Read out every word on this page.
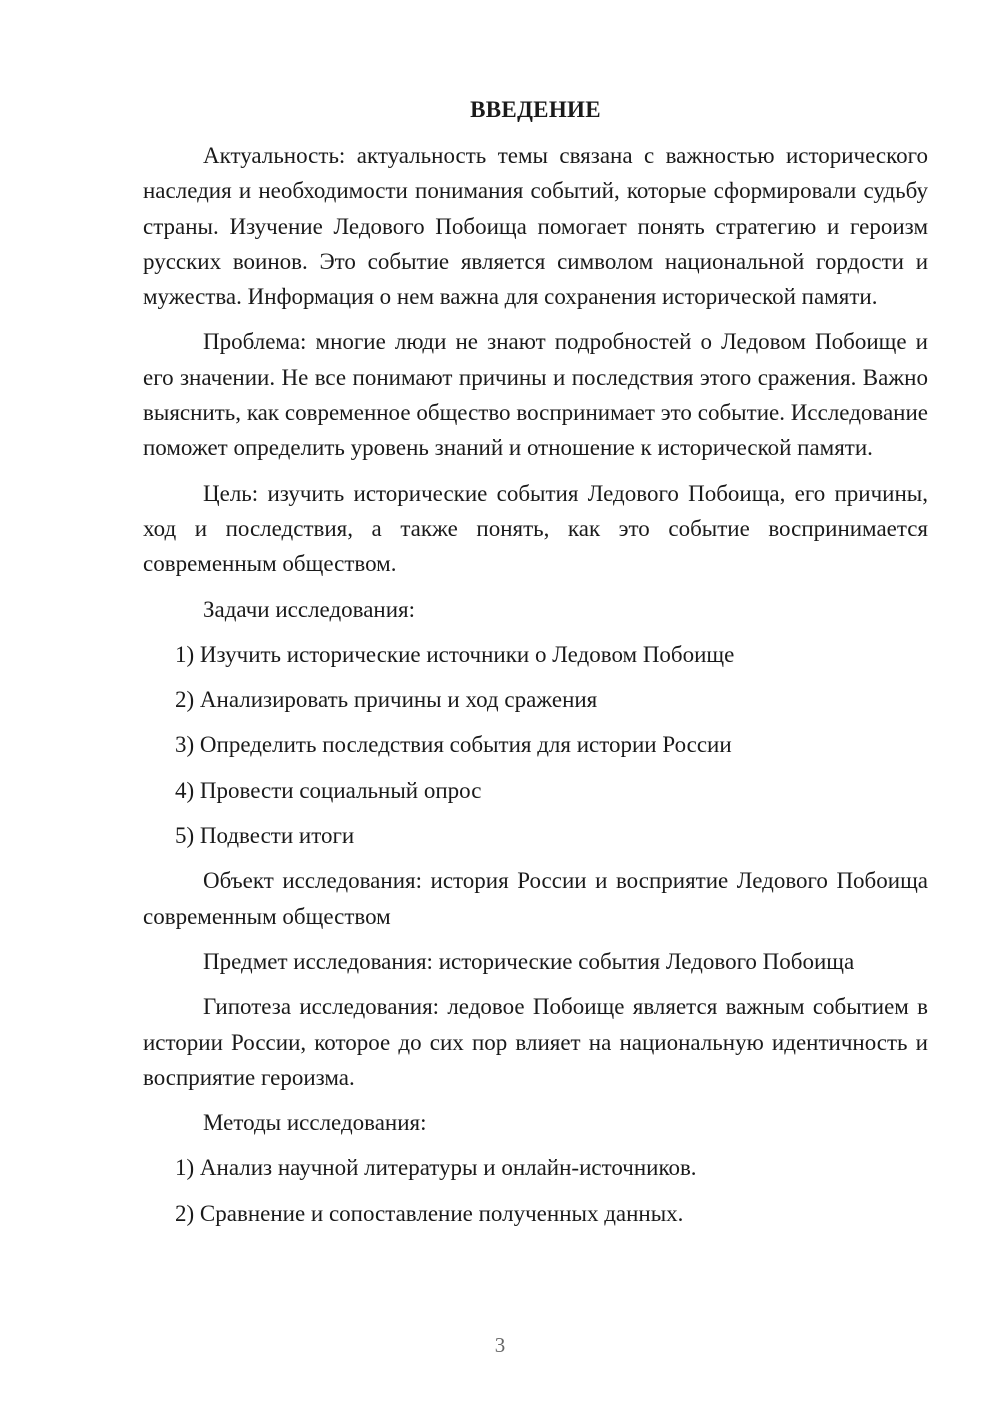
ВВЕДЕНИЕ

Актуальность: актуальность темы связана с важностью исторического наследия и необходимости понимания событий, которые сформировали судьбу страны. Изучение Ледового Побоища помогает понять стратегию и героизм русских воинов. Это событие является символом национальной гордости и мужества. Информация о нем важна для сохранения исторической памяти.

Проблема: многие люди не знают подробностей о Ледовом Побоище и его значении. Не все понимают причины и последствия этого сражения. Важно выяснить, как современное общество воспринимает это событие. Исследование поможет определить уровень знаний и отношение к исторической памяти.

Цель: изучить исторические события Ледового Побоища, его причины, ход и последствия, а также понять, как это событие воспринимается современным обществом.

Задачи исследования:
1) Изучить исторические источники о Ледовом Побоище
2) Анализировать причины и ход сражения
3) Определить последствия события для истории России
4) Провести социальный опрос
5) Подвести итоги

Объект исследования: история России и восприятие Ледового Побоища современным обществом

Предмет исследования: исторические события Ледового Побоища

Гипотеза исследования: ледовое Побоище является важным событием в истории России, которое до сих пор влияет на национальную идентичность и восприятие героизма.

Методы исследования:
1) Анализ научной литературы и онлайн-источников.
2) Сравнение и сопоставление полученных данных.
3
